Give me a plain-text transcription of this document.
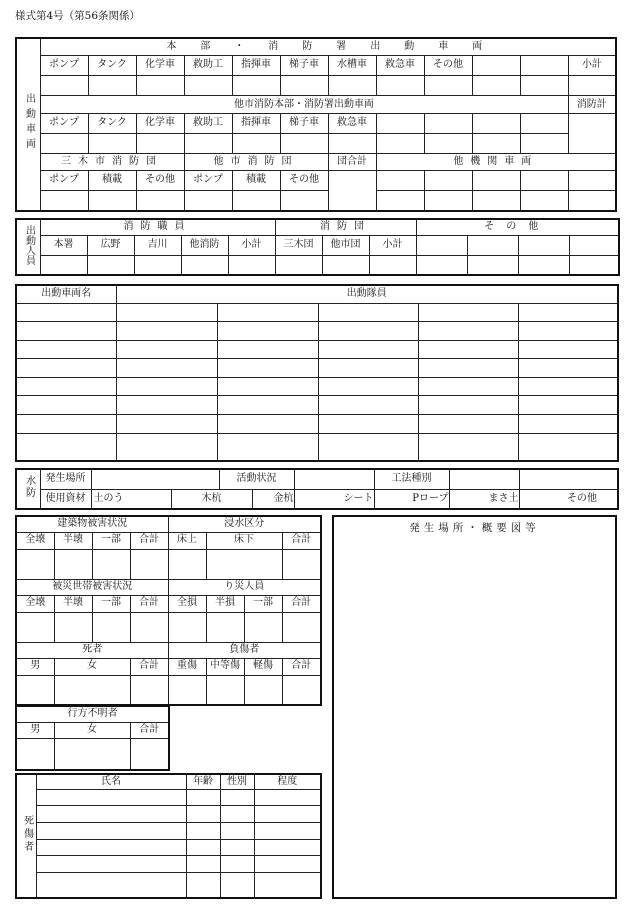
様式第4号（第56条関係）
出動車両	本　部　・　消　防　署　出　動　車　両											
	ポンプ	タンク	化学車	救助工	指揮車	梯子車	水槽車	救急車	その他			小計

	他市消防本部・消防署出動車両											消防計
	ポンプ	タンク	化学車	救助工	指揮車	梯子車	救急車					

	三木市消防団			他市消防団			団合計	他機関車両				
	ポンプ	積載	その他	ポンプ	積載	その他						

出動人員	消防職員					消防団			その他			
	本署	広野	吉川	他消防	小計	三木団	他市団	小計				

出動車両名	出動隊員				

水防	発生場所			活動状況			工法種別		
	使用資材	土のう	木杭		金杭	シート	Pロープ	まさ土	その他
建築物被害状況				浸水区分			
全壊	半壊	一部	合計	床上	床下		合計

被災世帯被害状況				り災人員			
全壊	半壊	一部	合計	全損	半損	一部	合計

死者				負傷者			
男	女		合計	重傷	中等傷	軽傷	合計

行方不明者		
男	女	合計

死傷者	氏名	年齢	性別	程度

発生場所・概要図等
